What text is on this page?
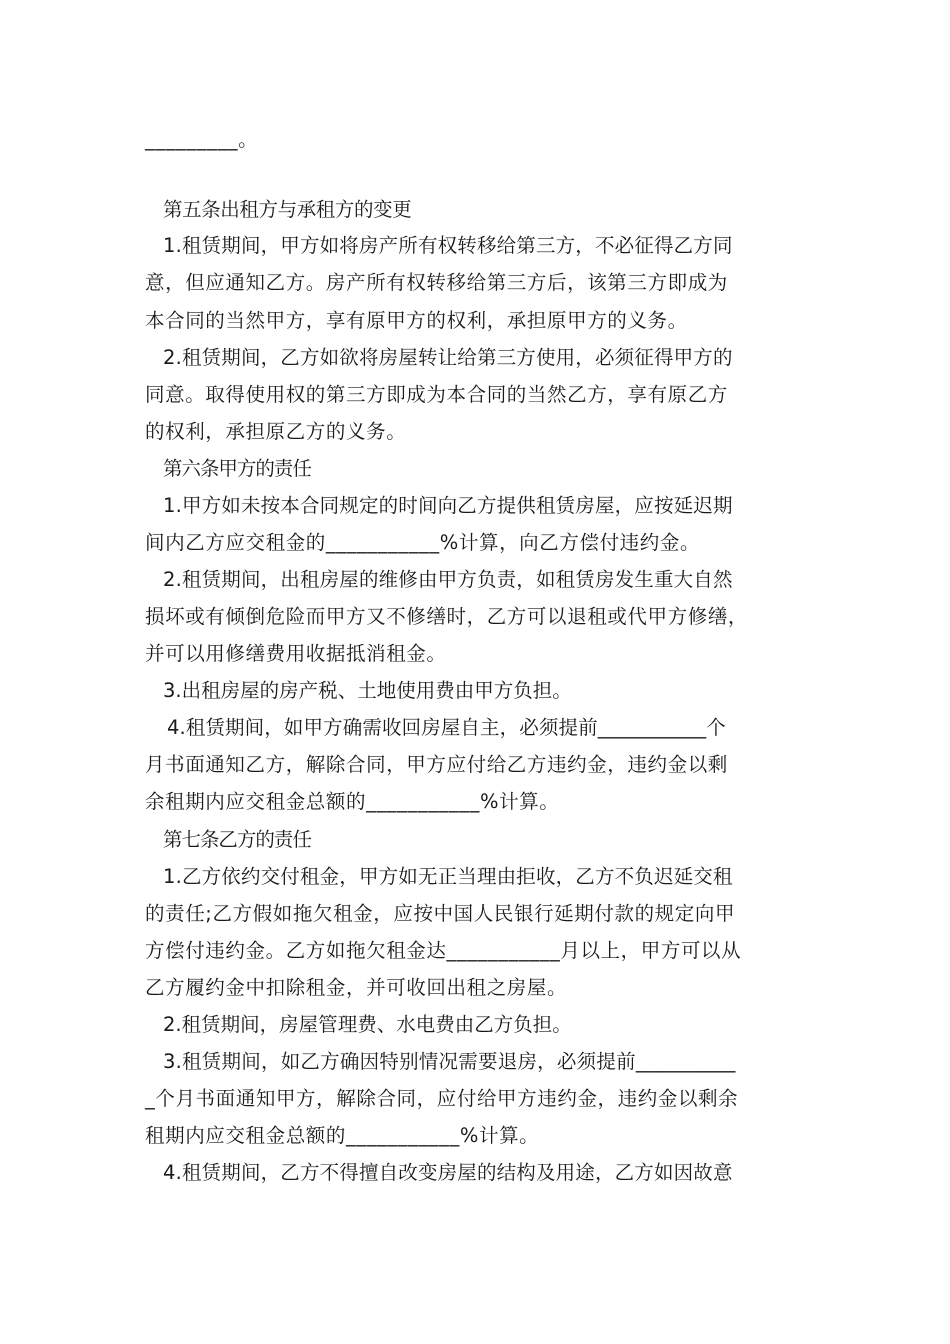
_________。
第五条出租方与承租方的变更
1.租赁期间，甲方如将房产所有权转移给第三方，不必征得乙方同
意，但应通知乙方。房产所有权转移给第三方后，该第三方即成为
本合同的当然甲方，享有原甲方的权利，承担原甲方的义务。
2.租赁期间，乙方如欲将房屋转让给第三方使用，必须征得甲方的
同意。取得使用权的第三方即成为本合同的当然乙方，享有原乙方
的权利，承担原乙方的义务。
第六条甲方的责任
1.甲方如未按本合同规定的时间向乙方提供租赁房屋，应按延迟期
间内乙方应交租金的___________%计算，向乙方偿付违约金。
2.租赁期间，出租房屋的维修由甲方负责，如租赁房发生重大自然
损坏或有倾倒危险而甲方又不修缮时，乙方可以退租或代甲方修缮，
并可以用修缮费用收据抵消租金。
3.出租房屋的房产税、土地使用费由甲方负担。
4.租赁期间，如甲方确需收回房屋自主，必须提前___________个
月书面通知乙方，解除合同，甲方应付给乙方违约金，违约金以剩
余租期内应交租金总额的___________%计算。
第七条乙方的责任
1.乙方依约交付租金，甲方如无正当理由拒收，乙方不负迟延交租
的责任;乙方假如拖欠租金，应按中国人民银行延期付款的规定向甲
方偿付违约金。乙方如拖欠租金达___________月以上，甲方可以从
乙方履约金中扣除租金，并可收回出租之房屋。
2.租赁期间，房屋管理费、水电费由乙方负担。
3.租赁期间，如乙方确因特别情况需要退房，必须提前__________
_个月书面通知甲方，解除合同，应付给甲方违约金，违约金以剩余
租期内应交租金总额的___________%计算。
4.租赁期间，乙方不得擅自改变房屋的结构及用途，乙方如因故意
